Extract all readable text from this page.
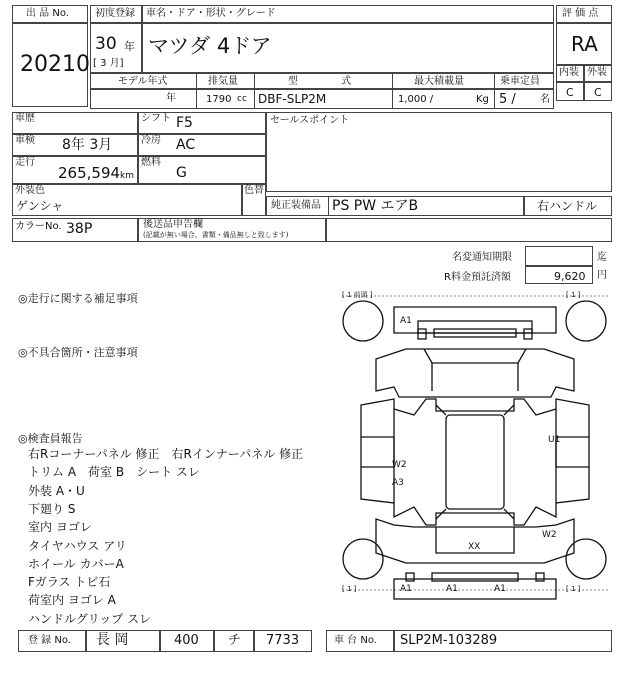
出 品 No.
20210
初度登録 車名・ドア・形状・グレード
30 年
[ 3 月]
マツダ 4ドア
評 価 点
RA
内装 外装
C C
モデル年式
年
排気量
1790 cc
型 式
DBF-SLP2M
最大積載量
1,000 /	Kg
乗車定員
5 / 名
車歴	シフト F5
車検 8年 3月	冷房 AC
走行
265,594 km
燃料
G
セールスポイント
外装色
ゲンシャ
色替
純正装備品 PS PW エアB	右ハンドル
カラーNo. 38P	後送品申告欄
(記載が無い場合、書類・備品無しと致します)
名変通知期限	迄
R料金預託済額	9,620 円
◎走行に関する補足事項
◎不具合箇所・注意事項
◎検査員報告
右Rコーナーパネル 修正　右Rインナーパネル 修正
トリム A　荷室 B　シート スレ
外装 A・U
下廻り S
室内 ヨゴレ
タイヤハウス アリ
ホイール カバーA
Fガラス トビ石
荷室内 ヨゴレ A
ハンドルグリップ スレ
[ 1 前頭 ]	[ 1 ]
[ 1 ]	[ 1 ]
A1
U1
W2
A3
XX
W2
A1	A1	A1
登 録 No. 長 岡	400 チ 7733	車 台 No. SLP2M-103289
